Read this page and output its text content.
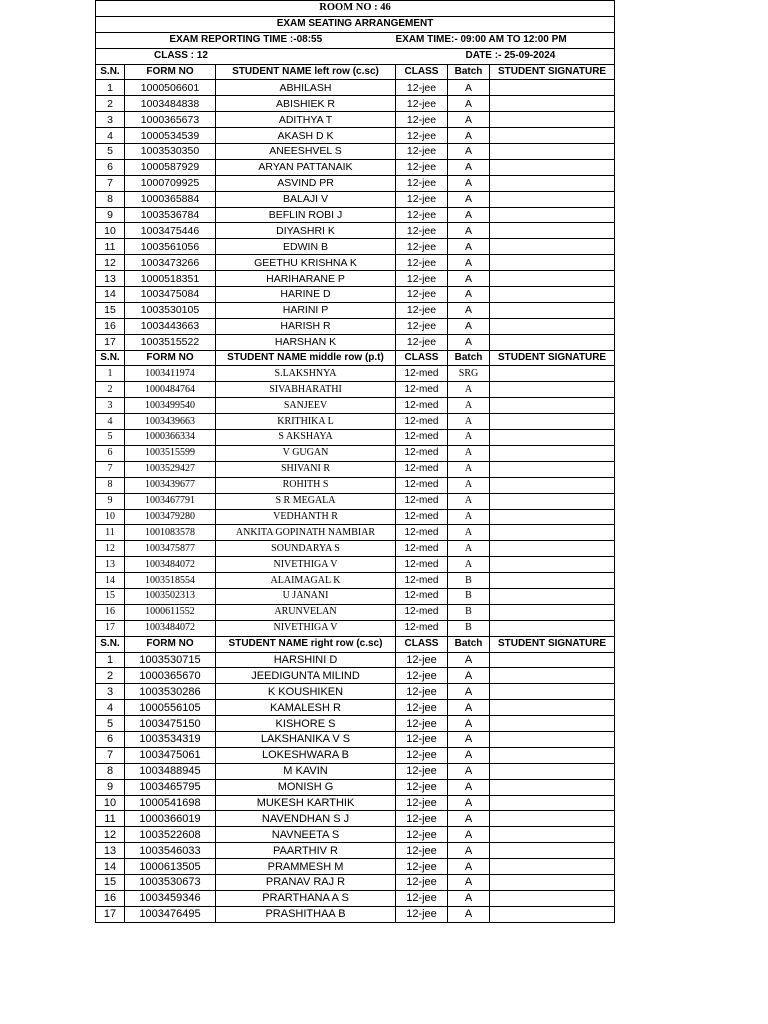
ROOM NO : 46					
EXAM SEATING ARRANGEMENT					
EXAM REPORTING TIME :-08:55			EXAM TIME:- 09:00 AM TO 12:00 PM		
CLASS : 12			DATE :- 25-09-2024		
S.N.	FORM NO	STUDENT NAME left row (c.sc)	CLASS	Batch	STUDENT SIGNATURE
1	1000506601	ABHILASH	12-jee	A	
2	1003484838	ABISHIEK R	12-jee	A	
3	1000365673	ADITHYA T	12-jee	A	
4	1000534539	AKASH D K	12-jee	A	
5	1003530350	ANEESHVEL S	12-jee	A	
6	1000587929	ARYAN PATTANAIK	12-jee	A	
7	1000709925	ASVIND PR	12-jee	A	
8	1000365884	BALAJI V	12-jee	A	
9	1003536784	BEFLIN ROBI J	12-jee	A	
10	1003475446	DIYASHRI K	12-jee	A	
11	1003561056	EDWIN B	12-jee	A	
12	1003473266	GEETHU KRISHNA K	12-jee	A	
13	1000518351	HARIHARANE P	12-jee	A	
14	1003475084	HARINE D	12-jee	A	
15	1003530105	HARINI P	12-jee	A	
16	1003443663	HARISH R	12-jee	A	
17	1003515522	HARSHAN K	12-jee	A	
S.N.	FORM NO	STUDENT NAME middle row (p.t)	CLASS	Batch	STUDENT SIGNATURE
1	1003411974	S.LAKSHNYA	12-med	SRG	
2	1000484764	SIVABHARATHI	12-med	A	
3	1003499540	SANJEEV	12-med	A	
4	1003439663	KRITHIKA L	12-med	A	
5	1000366334	S AKSHAYA	12-med	A	
6	1003515599	V GUGAN	12-med	A	
7	1003529427	SHIVANI R	12-med	A	
8	1003439677	ROHITH S	12-med	A	
9	1003467791	S R MEGALA	12-med	A	
10	1003479280	VEDHANTH R	12-med	A	
11	1001083578	ANKITA GOPINATH NAMBIAR	12-med	A	
12	1003475877	SOUNDARYA S	12-med	A	
13	1003484072	NIVETHIGA V	12-med	A	
14	1003518554	ALAIMAGAL K	12-med	B	
15	1003502313	U JANANI	12-med	B	
16	1000611552	ARUNVELAN	12-med	B	
17	1003484072	NIVETHIGA V	12-med	B	
S.N.	FORM NO	STUDENT NAME right row (c.sc)	CLASS	Batch	STUDENT SIGNATURE
1	1003530715	HARSHINI D	12-jee	A	
2	1000365670	JEEDIGUNTA MILIND	12-jee	A	
3	1003530286	K KOUSHIKEN	12-jee	A	
4	1000556105	KAMALESH R	12-jee	A	
5	1003475150	KISHORE S	12-jee	A	
6	1003534319	LAKSHANIKA V S	12-jee	A	
7	1003475061	LOKESHWARA B	12-jee	A	
8	1003488945	M KAVIN	12-jee	A	
9	1003465795	MONISH G	12-jee	A	
10	1000541698	MUKESH KARTHIK	12-jee	A	
11	1000366019	NAVENDHAN S J	12-jee	A	
12	1003522608	NAVNEETA S	12-jee	A	
13	1003546033	PAARTHIV R	12-jee	A	
14	1000613505	PRAMMESH M	12-jee	A	
15	1003530673	PRANAV RAJ R	12-jee	A	
16	1003459346	PRARTHANA A S	12-jee	A	
17	1003476495	PRASHITHAA B	12-jee	A	
